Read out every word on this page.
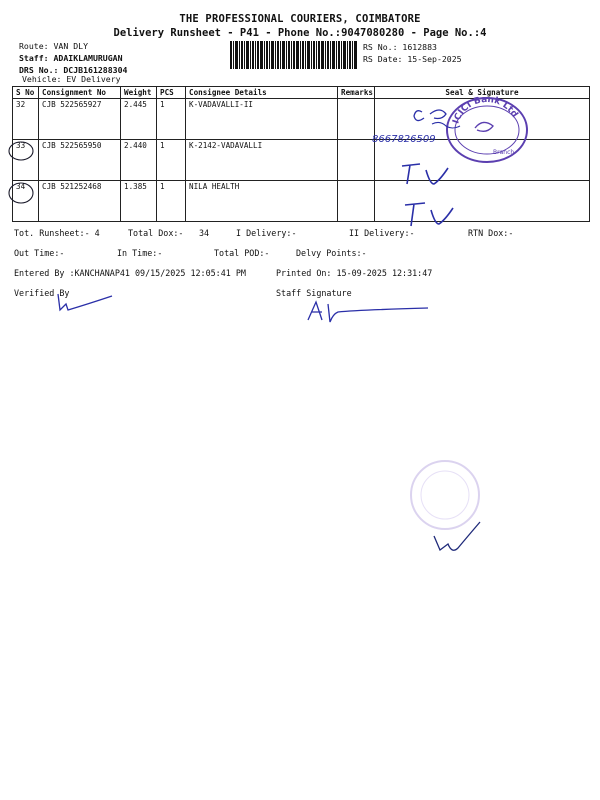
THE PROFESSIONAL COURIERS, COIMBATORE
Delivery Runsheet - P41 - Phone No.:9047080280 - Page No.:4
Route: VAN DLY
Staff: ADAIKLAMURUGAN
DRS No.: DCJB161288304
Vehicle: EV Delivery
RS No.: 1612883
RS Date: 15-Sep-2025
S No	Consignment No	Weight	PCS	Consignee Details	Remarks	Seal & Signature
32	CJB 522565927	2.445	1	K-VADAVALLI-II		
33	CJB 522565950	2.440	1	K-2142-VADAVALLI		
34	CJB 521252468	1.385	1	NILA HEALTH		
ICICI Bank Ltd
Branch
8667826509
Tot. Runsheet:- 4	Total Dox:- 34	I Delivery:-	II Delivery:-	RTN Dox:-
Out Time:-	In Time:-	Total POD:-	Delvy Points:-
Entered By :KANCHANAP41 09/15/2025 12:05:41 PM	Printed On: 15-09-2025 12:31:47
Verified By	Staff Signature
